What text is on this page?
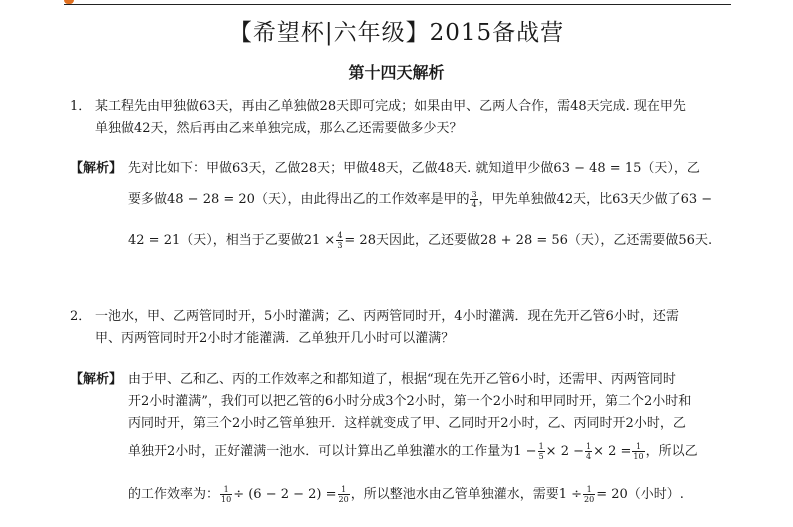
【希望杯|六年级】2015备战营
第十四天解析
1． 某工程先由甲独做63天，再由乙单独做28天即可完成；如果由甲、乙两人合作，需48天完成. 现在甲先
单独做42天，然后再由乙来单独完成，那么乙还需要做多少天？
【解析】 先对比如下：甲做63天，乙做28天；甲做48天，乙做48天. 就知道甲少做63 − 48 = 15（天），乙
要多做48 − 28 = 20（天），由此得出乙的工作效率是甲的 $\frac{3}{4}$ ，甲先单独做42天，比63天少做了63 −
42 = 21（天），相当于乙要做$21 \times \frac{4}{3} = 28$天因此，乙还要做28 + 28 = 56（天），乙还需要做56天.
2． 一池水，甲、乙两管同时开，5小时灌满；乙、丙两管同时开，4小时灌满．现在先开乙管6小时，还需
甲、丙两管同时开2小时才能灌满．乙单独开几小时可以灌满？
【解析】 由于甲、乙和乙、丙的工作效率之和都知道了，根据“现在先开乙管6小时，还需甲、丙两管同时
开2小时灌满”，我们可以把乙管的6小时分成3个2小时，第一个2小时和甲同时开，第二个2小时和
丙同时开，第三个2小时乙管单独开．这样就变成了甲、乙同时开2小时，乙、丙同时开2小时，乙
单独开2小时，正好灌满一池水．可以计算出乙单独灌水的工作量为$1 - \frac{1}{5} \times 2 - \frac{1}{4} \times 2 = \frac{1}{10}$ ，所以乙
的工作效率为： $\frac{1}{10} \div (6 - 2 - 2) = \frac{1}{20}$ ，所以整池水由乙管单独灌水，需要$1 \div \frac{1}{20} = 20$（小时）.
